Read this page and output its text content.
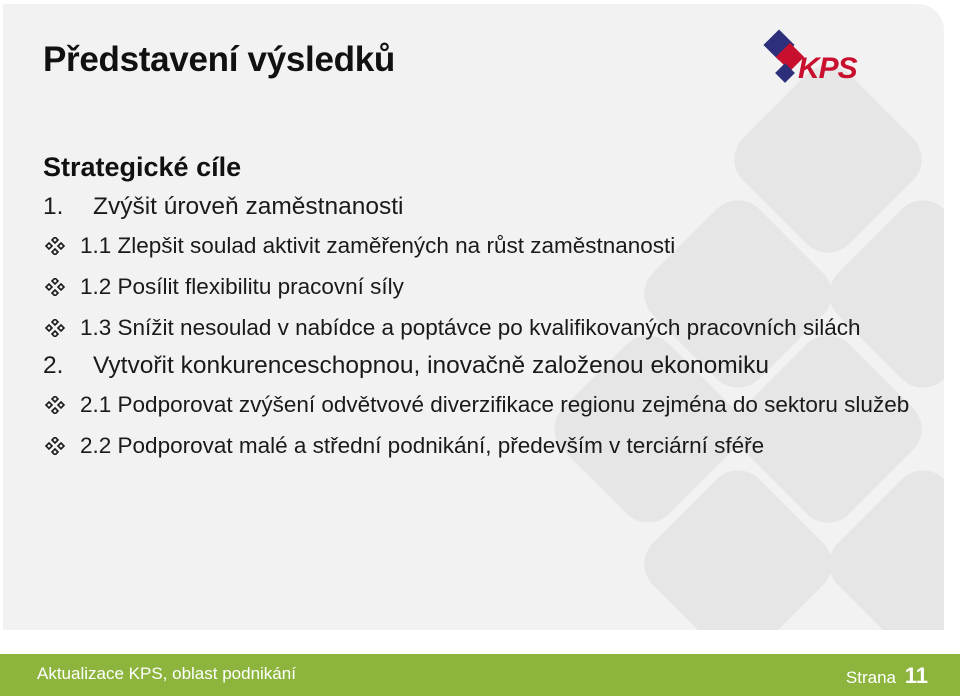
Představení výsledků	KPS
Strategické cíle
1. Zvýšit úroveň zaměstnanosti
1.1 Zlepšit soulad aktivit zaměřených na růst zaměstnanosti
1.2 Posílit flexibilitu pracovní síly
1.3 Snížit nesoulad v nabídce a poptávce po kvalifikovaných pracovních silách
2. Vytvořit konkurenceschopnou, inovačně založenou ekonomiku
2.1 Podporovat zvýšení odvětvové diverzifikace regionu zejména do sektoru služeb
2.2 Podporovat malé a střední podnikání, především v terciární sféře
Aktualizace KPS, oblast podnikání	Strana 11
